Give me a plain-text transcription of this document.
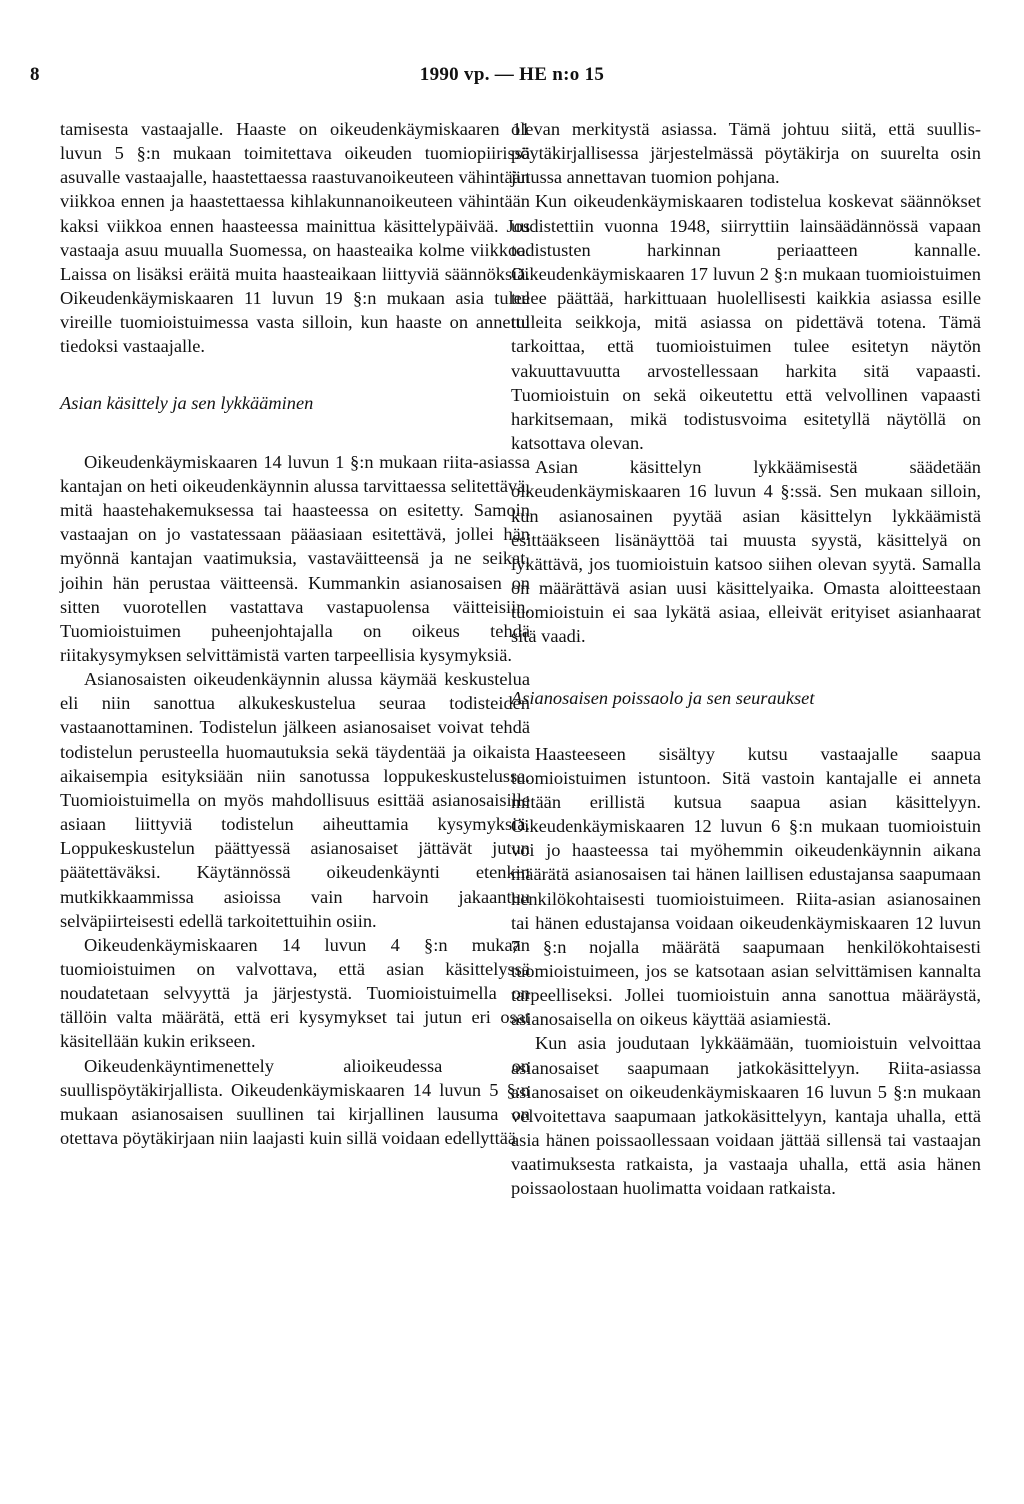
8	1990 vp. — HE n:o 15

tamisesta vastaajalle. Haaste on oikeudenkäymiskaaren 11 luvun 5 §:n mukaan toimitettava oikeuden tuomiopiirissä asuvalle vastaajalle, haastettaessa raastuvanoikeuteen vähintään viikkoa ennen ja haastettaessa kihlakunnanoikeuteen vähintään kaksi viikkoa ennen haasteessa mainittua käsittelypäivää. Jos vastaaja asuu muualla Suomessa, on haasteaika kolme viikkoa. Laissa on lisäksi eräitä muita haasteaikaan liittyviä säännöksiä. Oikeudenkäymiskaaren 11 luvun 19 §:n mukaan asia tulee vireille tuomioistuimessa vasta silloin, kun haaste on annettu tiedoksi vastaajalle.

Asian käsittely ja sen lykkääminen

Oikeudenkäymiskaaren 14 luvun 1 §:n mukaan riita-asiassa kantajan on heti oikeudenkäynnin alussa tarvittaessa selitettävä, mitä haastehakemuksessa tai haasteessa on esitetty. Samoin vastaajan on jo vastatessaan pääasiaan esitettävä, jollei hän myönnä kantajan vaatimuksia, vastaväitteensä ja ne seikat, joihin hän perustaa väitteensä. Kummankin asianosaisen on sitten vuorotellen vastattava vastapuolensa väitteisiin. Tuomioistuimen puheenjohtajalla on oikeus tehdä riitakysymyksen selvittämistä varten tarpeellisia kysymyksiä.

Asianosaisten oikeudenkäynnin alussa käymää keskustelua eli niin sanottua alkukeskustelua seuraa todisteiden vastaanottaminen. Todistelun jälkeen asianosaiset voivat tehdä todistelun perusteella huomautuksia sekä täydentää ja oikaista aikaisempia esityksiään niin sanotussa loppukeskustelussa. Tuomioistuimella on myös mahdollisuus esittää asianosaisille asiaan liittyviä todistelun aiheuttamia kysymyksiä. Loppukeskustelun päättyessä asianosaiset jättävät jutun päätettäväksi. Käytännössä oikeudenkäynti etenkin mutkikkaammissa asioissa vain harvoin jakaantuu selväpiirteisesti edellä tarkoitettuihin osiin.

Oikeudenkäymiskaaren 14 luvun 4 §:n mukaan tuomioistuimen on valvottava, että asian käsittelyssä noudatetaan selvyyttä ja järjestystä. Tuomioistuimella on tällöin valta määrätä, että eri kysymykset tai jutun eri osat käsitellään kukin erikseen.

Oikeudenkäyntimenettely alioikeudessa on suullispöytäkirjallista. Oikeudenkäymiskaaren 14 luvun 5 §:n mukaan asianosaisen suullinen tai kirjallinen lausuma on otettava pöytäkirjaan niin laajasti kuin sillä voidaan edellyttää

olevan merkitystä asiassa. Tämä johtuu siitä, että suullis-pöytäkirjallisessa järjestelmässä pöytäkirja on suurelta osin jutussa annettavan tuomion pohjana.

Kun oikeudenkäymiskaaren todistelua koskevat säännökset uudistettiin vuonna 1948, siirryttiin lainsäädännössä vapaan todistusten harkinnan periaatteen kannalle. Oikeudenkäymiskaaren 17 luvun 2 §:n mukaan tuomioistuimen tulee päättää, harkittuaan huolellisesti kaikkia asiassa esille tulleita seikkoja, mitä asiassa on pidettävä totena. Tämä tarkoittaa, että tuomioistuimen tulee esitetyn näytön vakuuttavuutta arvostellessaan harkita sitä vapaasti. Tuomioistuin on sekä oikeutettu että velvollinen vapaasti harkitsemaan, mikä todistusvoima esitetyllä näytöllä on katsottava olevan.

Asian käsittelyn lykkäämisestä säädetään oikeudenkäymiskaaren 16 luvun 4 §:ssä. Sen mukaan silloin, kun asianosainen pyytää asian käsittelyn lykkäämistä esittääkseen lisänäyttöä tai muusta syystä, käsittelyä on lykättävä, jos tuomioistuin katsoo siihen olevan syytä. Samalla on määrättävä asian uusi käsittelyaika. Omasta aloitteestaan tuomioistuin ei saa lykätä asiaa, elleivät erityiset asianhaarat sitä vaadi.

Asianosaisen poissaolo ja sen seuraukset

Haasteeseen sisältyy kutsu vastaajalle saapua tuomioistuimen istuntoon. Sitä vastoin kantajalle ei anneta mitään erillistä kutsua saapua asian käsittelyyn. Oikeudenkäymiskaaren 12 luvun 6 §:n mukaan tuomioistuin voi jo haasteessa tai myöhemmin oikeudenkäynnin aikana määrätä asianosaisen tai hänen laillisen edustajansa saapumaan henkilökohtaisesti tuomioistuimeen. Riita-asian asianosainen tai hänen edustajansa voidaan oikeudenkäymiskaaren 12 luvun 7 §:n nojalla määrätä saapumaan henkilökohtaisesti tuomioistuimeen, jos se katsotaan asian selvittämisen kannalta tarpeelliseksi. Jollei tuomioistuin anna sanottua määräystä, asianosaisella on oikeus käyttää asiamiestä.

Kun asia joudutaan lykkäämään, tuomioistuin velvoittaa asianosaiset saapumaan jatkokäsittelyyn. Riita-asiassa asianosaiset on oikeudenkäymiskaaren 16 luvun 5 §:n mukaan velvoitettava saapumaan jatkokäsittelyyn, kantaja uhalla, että asia hänen poissaollessaan voidaan jättää sillensä tai vastaajan vaatimuksesta ratkaista, ja vastaaja uhalla, että asia hänen poissaolostaan huolimatta voidaan ratkaista.
